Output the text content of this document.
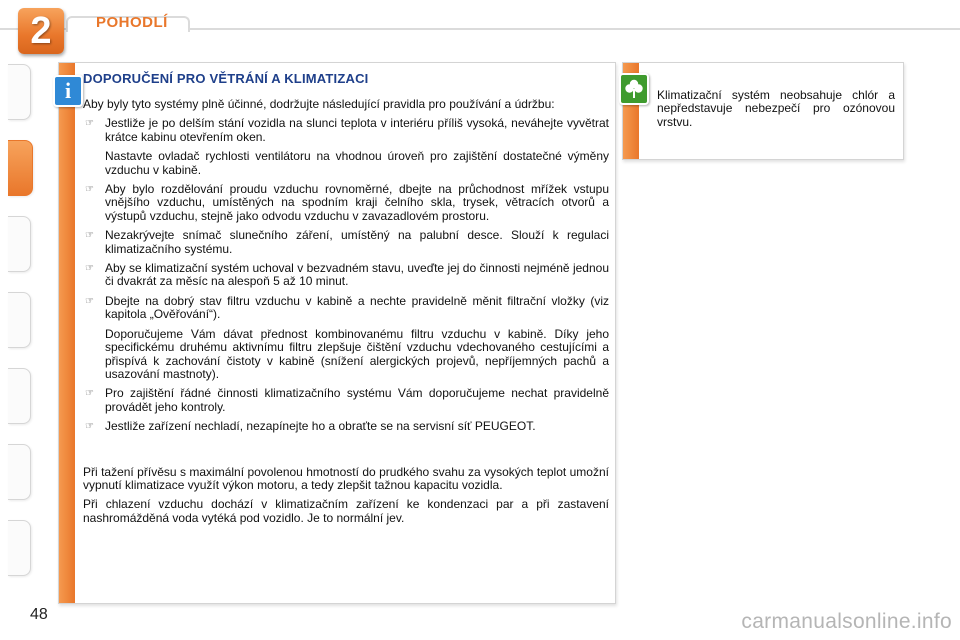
2	POHODLÍ
i DOPORUČENÍ PRO VĚTRÁNÍ A KLIMATIZACI

Aby byly tyto systémy plně účinné, dodržujte následující pravidla pro používání a údržbu:

☞ Jestliže je po delším stání vozidla na slunci teplota v interiéru příliš vysoká, neváhejte vyvětrat krátce kabinu otevřením oken.
Nastavte ovladač rychlosti ventilátoru na vhodnou úroveň pro zajištění dostatečné výměny vzduchu v kabině.
☞ Aby bylo rozdělování proudu vzduchu rovnoměrné, dbejte na průchodnost mřížek vstupu vnějšího vzduchu, umístěných na spodním kraji čelního skla, trysek, větracích otvorů a výstupů vzduchu, stejně jako odvodu vzduchu v zavazadlovém prostoru.
☞ Nezakrývejte snímač slunečního záření, umístěný na palubní desce. Slouží k regulaci klimatizačního systému.
☞ Aby se klimatizační systém uchoval v bezvadném stavu, uveďte jej do činnosti nejméně jednou či dvakrát za měsíc na alespoň 5 až 10 minut.
☞ Dbejte na dobrý stav filtru vzduchu v kabině a nechte pravidelně měnit filtrační vložky (viz kapitola „Ověřování“).
Doporučujeme Vám dávat přednost kombinovanému filtru vzduchu v kabině. Díky jeho specifickému druhému aktivnímu filtru zlepšuje čištění vzduchu vdechovaného cestujícími a přispívá k zachování čistoty v kabině (snížení alergických projevů, nepříjemných pachů a usazování mastnoty).
☞ Pro zajištění řádné činnosti klimatizačního systému Vám doporučujeme nechat pravidelně provádět jeho kontroly.
☞ Jestliže zařízení nechladí, nezapínejte ho a obraťte se na servisní síť PEUGEOT.

Při tažení přívěsu s maximální povolenou hmotností do prudkého svahu za vysokých teplot umožní vypnutí klimatizace využít výkon motoru, a tedy zlepšit tažnou kapacitu vozidla.

Při chlazení vzduchu dochází v klimatizačním zařízení ke kondenzaci par a při zastavení nashromážděná voda vytéká pod vozidlo. Je to normální jev.

Klimatizační systém neobsahuje chlór a nepředstavuje nebezpečí pro ozónovou vrstvu.
48	carmanualsonline.info
